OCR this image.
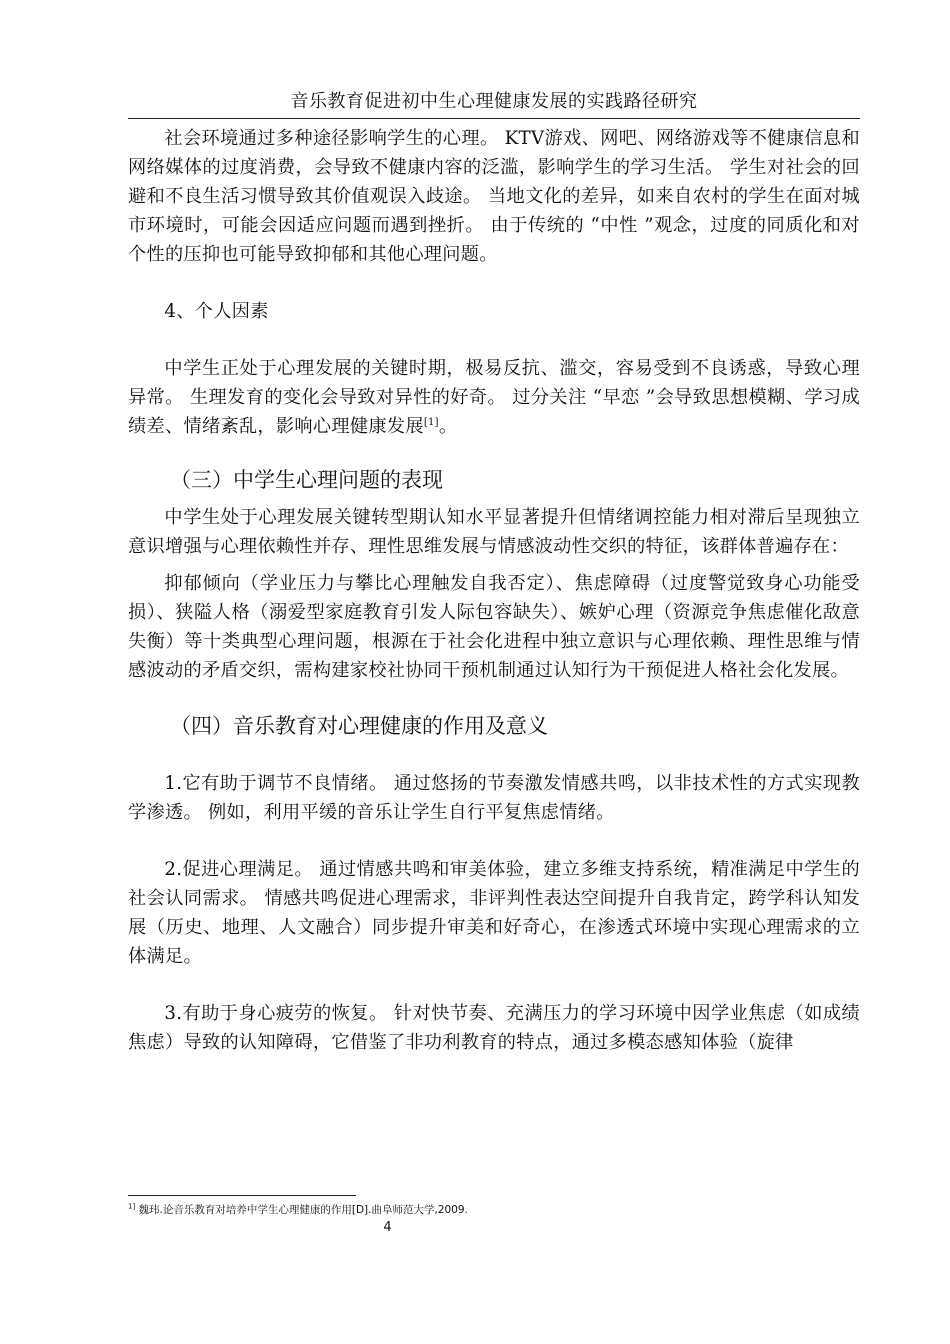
音乐教育促进初中生心理健康发展的实践路径研究

社会环境通过多种途径影响学生的心理。 KTV游戏、网吧、网络游戏等不健康信息和网络媒体的过度消费，会导致不健康内容的泛滥，影响学生的学习生活。 学生对社会的回避和不良生活习惯导致其价值观误入歧途。 当地文化的差异，如来自农村的学生在面对城市环境时，可能会因适应问题而遇到挫折。 由于传统的 “中性 ”观念，过度的同质化和对个性的压抑也可能导致抑郁和其他心理问题。

4、个人因素

中学生正处于心理发展的关键时期，极易反抗、滥交，容易受到不良诱惑，导致心理异常。 生理发育的变化会导致对异性的好奇。 过分关注 “早恋 ”会导致思想模糊、学习成绩差、情绪紊乱，影响心理健康发展[1]。

（三）中学生心理问题的表现

中学生处于心理发展关键转型期认知水平显著提升但情绪调控能力相对滞后呈现独立意识增强与心理依赖性并存、理性思维发展与情感波动性交织的特征，该群体普遍存在：

抑郁倾向（学业压力与攀比心理触发自我否定）、焦虑障碍（过度警觉致身心功能受损）、狭隘人格（溺爱型家庭教育引发人际包容缺失）、嫉妒心理（资源竞争焦虑催化敌意失衡）等十类典型心理问题，根源在于社会化进程中独立意识与心理依赖、理性思维与情感波动的矛盾交织，需构建家校社协同干预机制通过认知行为干预促进人格社会化发展。

（四）音乐教育对心理健康的作用及意义

1.它有助于调节不良情绪。 通过悠扬的节奏激发情感共鸣，以非技术性的方式实现教学渗透。 例如，利用平缓的音乐让学生自行平复焦虑情绪。

2.促进心理满足。 通过情感共鸣和审美体验，建立多维支持系统，精准满足中学生的社会认同需求。 情感共鸣促进心理需求，非评判性表达空间提升自我肯定，跨学科认知发展（历史、地理、人文融合）同步提升审美和好奇心，在渗透式环境中实现心理需求的立体满足。

3.有助于身心疲劳的恢复。 针对快节奏、充满压力的学习环境中因学业焦虑（如成绩焦虑）导致的认知障碍，它借鉴了非功利教育的特点，通过多模态感知体验（旋律

$^{1]}$ 魏玮.论音乐教育对培养中学生心理健康的作用[D].曲阜师范大学,2009.
4
